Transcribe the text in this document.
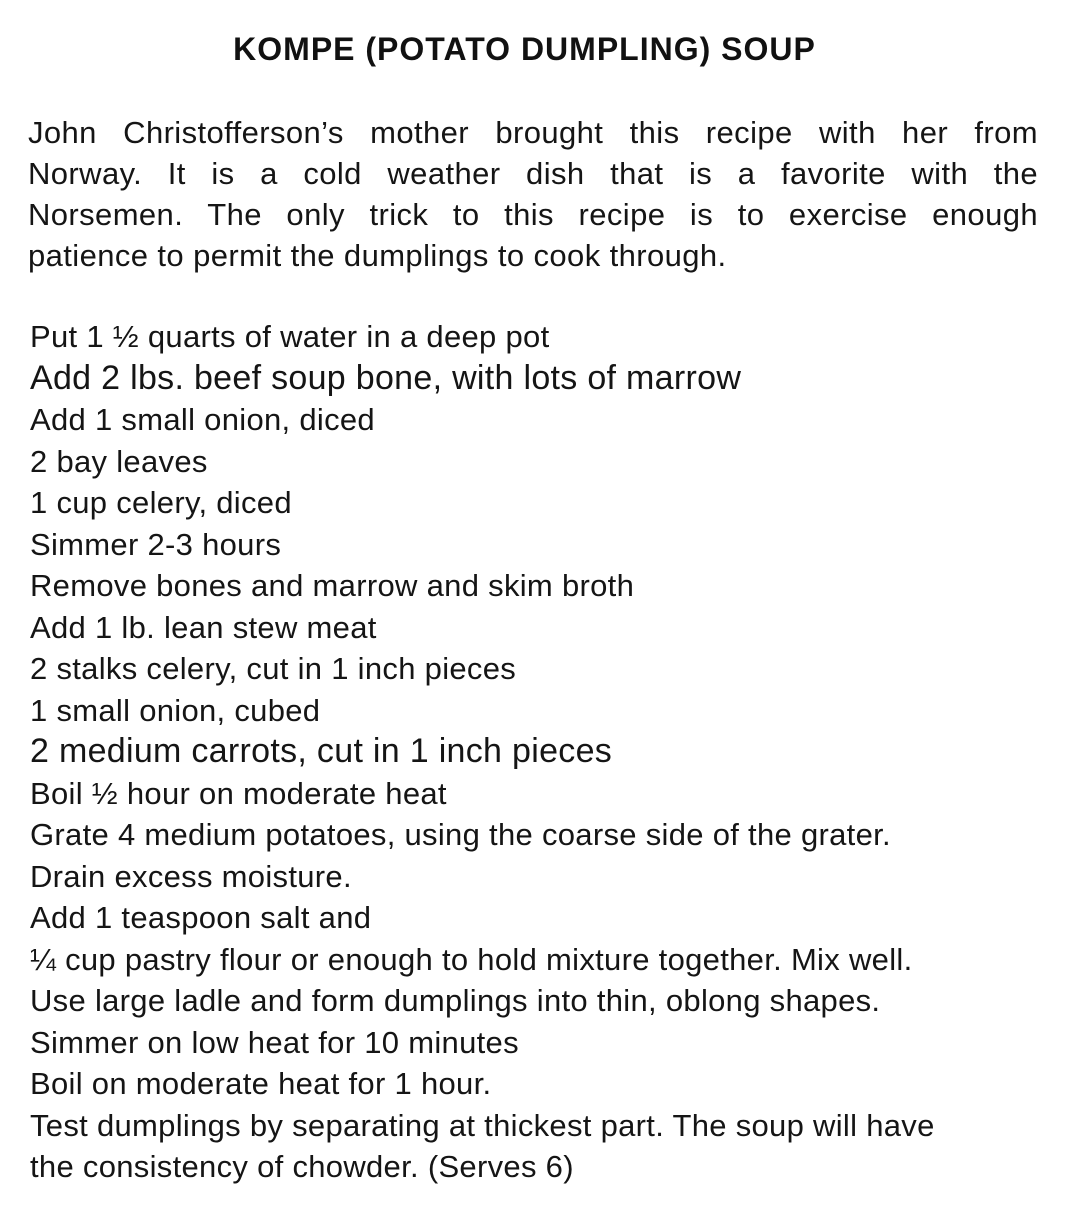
KOMPE (POTATO DUMPLING) SOUP
John Christofferson’s mother brought this recipe with her from
Norway. It is a cold weather dish that is a favorite with the
Norsemen. The only trick to this recipe is to exercise enough
patience to permit the dumplings to cook through.
Put 1 ½ quarts of water in a deep pot
Add 2 lbs. beef soup bone, with lots of marrow
Add 1 small onion, diced
2 bay leaves
1 cup celery, diced
Simmer 2-3 hours
Remove bones and marrow and skim broth
Add 1 lb. lean stew meat
2 stalks celery, cut in 1 inch pieces
1 small onion, cubed
2 medium carrots, cut in 1 inch pieces
Boil ½ hour on moderate heat
Grate 4 medium potatoes, using the coarse side of the grater.
Drain excess moisture.
Add 1 teaspoon salt and
¼ cup pastry flour or enough to hold mixture together. Mix well.
Use large ladle and form dumplings into thin, oblong shapes.
Simmer on low heat for 10 minutes
Boil on moderate heat for 1 hour.
Test dumplings by separating at thickest part. The soup will have
the consistency of chowder. (Serves 6)
